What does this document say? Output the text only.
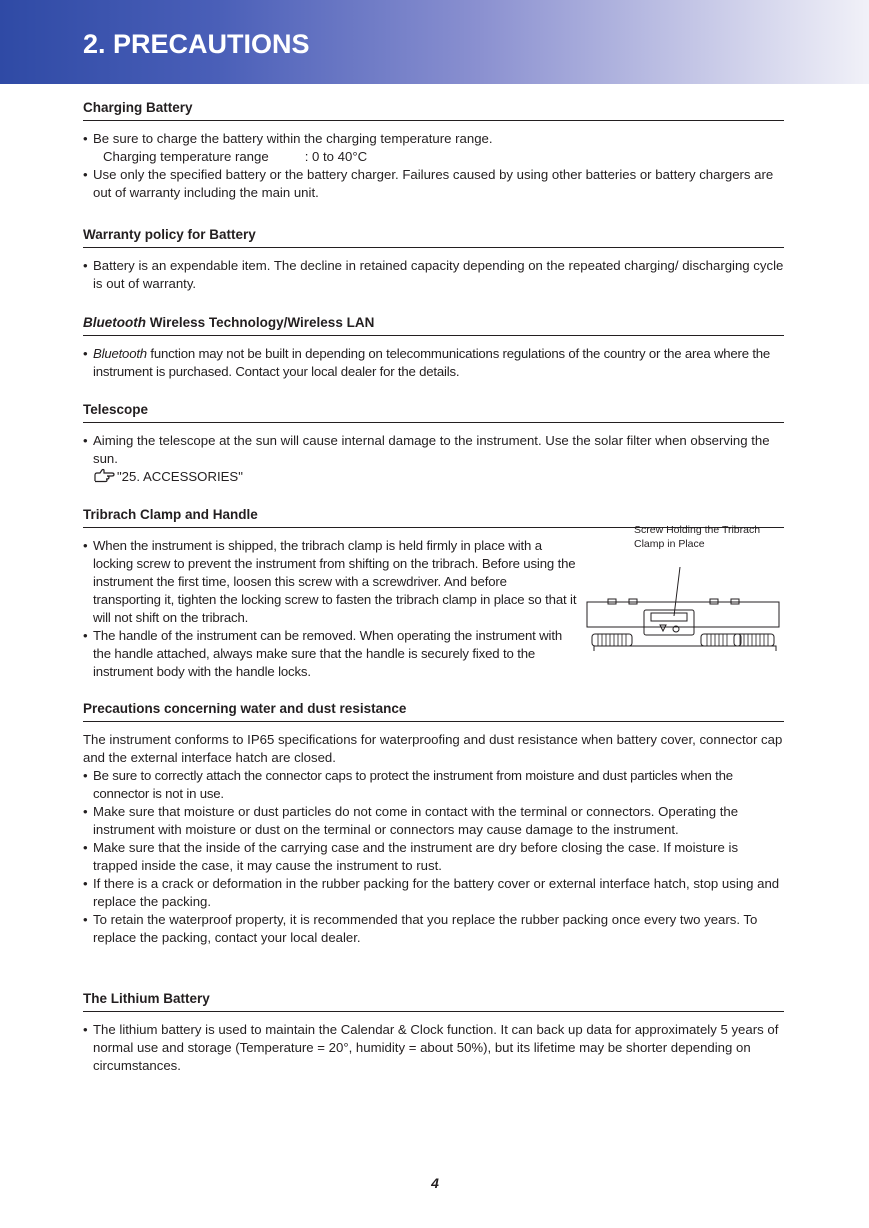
2. PRECAUTIONS
Charging Battery
• Be sure to charge the battery within the charging temperature range.
Charging temperature range	: 0 to 40°C
• Use only the specified battery or the battery charger. Failures caused by using other batteries or battery chargers are out of warranty including the main unit.
Warranty policy for Battery
• Battery is an expendable item. The decline in retained capacity depending on the repeated charging/ discharging cycle is out of warranty.
Bluetooth Wireless Technology/Wireless LAN
• Bluetooth function may not be built in depending on telecommunications regulations of the country or the area where the instrument is purchased. Contact your local dealer for the details.
Telescope
• Aiming the telescope at the sun will cause internal damage to the instrument. Use the solar filter when observing the sun.
"25. ACCESSORIES"
Tribrach Clamp and Handle
• When the instrument is shipped, the tribrach clamp is held firmly in place with a locking screw to prevent the instrument from shifting on the tribrach. Before using the instrument the first time, loosen this screw with a screwdriver. And before transporting it, tighten the locking screw to fasten the tribrach clamp in place so that it will not shift on the tribrach.
• The handle of the instrument can be removed. When operating the instrument with the handle attached, always make sure that the handle is securely fixed to the instrument body with the handle locks.
Screw Holding the Tribrach Clamp in Place
Precautions concerning water and dust resistance
The instrument conforms to IP65 specifications for waterproofing and dust resistance when battery cover, connector cap and the external interface hatch are closed.
• Be sure to correctly attach the connector caps to protect the instrument from moisture and dust particles when the connector is not in use.
• Make sure that moisture or dust particles do not come in contact with the terminal or connectors. Operating the instrument with moisture or dust on the terminal or connectors may cause damage to the instrument.
• Make sure that the inside of the carrying case and the instrument are dry before closing the case. If moisture is trapped inside the case, it may cause the instrument to rust.
• If there is a crack or deformation in the rubber packing for the battery cover or external interface hatch, stop using and replace the packing.
• To retain the waterproof property, it is recommended that you replace the rubber packing once every two years. To replace the packing, contact your local dealer.
The Lithium Battery
• The lithium battery is used to maintain the Calendar & Clock function. It can back up data for approximately 5 years of normal use and storage (Temperature = 20°, humidity = about 50%), but its lifetime may be shorter depending on circumstances.
4
